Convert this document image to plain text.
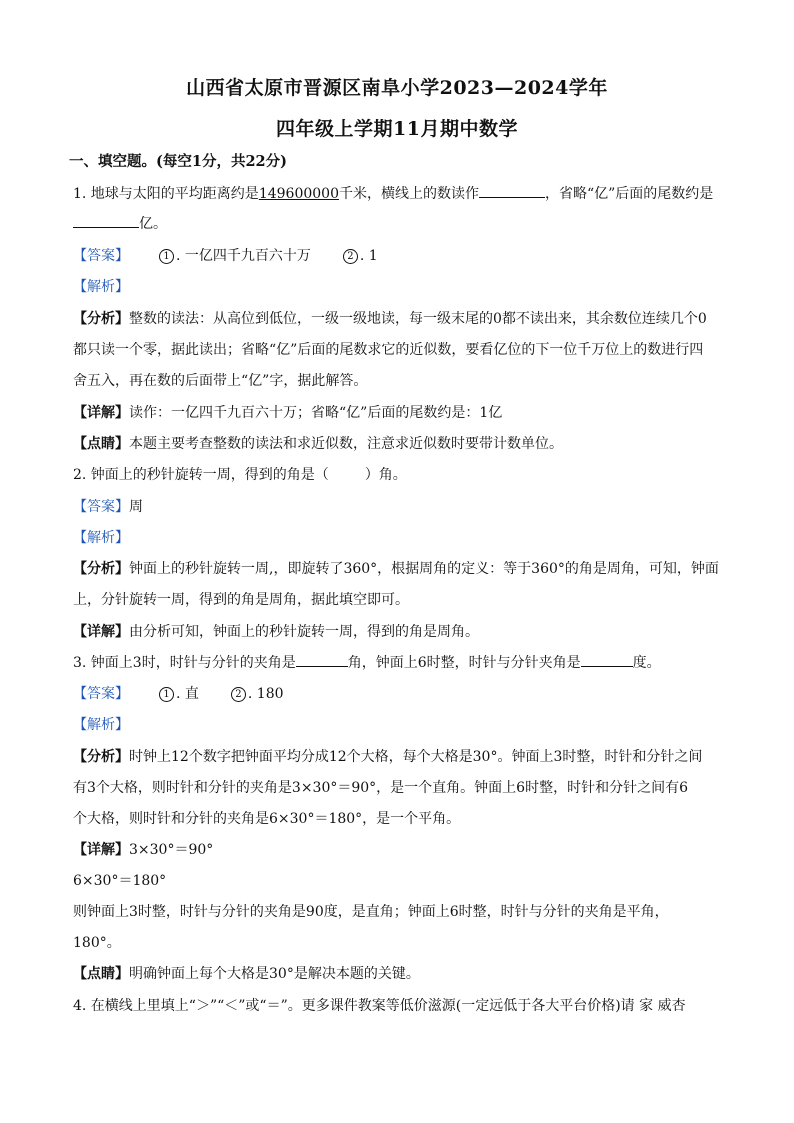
山西省太原市晋源区南阜小学2023—2024学年
四年级上学期11月期中数学
一、填空题。(每空1分，共22分)
1. 地球与太阳的平均距离约是149600000千米，横线上的数读作	，省略“亿”后面的尾数约是
亿。
【答案】	1 . 一亿四千九百六十万	2 . 1
【解析】
【分析】整数的读法：从高位到低位，一级一级地读，每一级末尾的0都不读出来，其余数位连续几个0
都只读一个零，据此读出；省略“亿”后面的尾数求它的近似数，要看亿位的下一位千万位上的数进行四
舍五入，再在数的后面带上“亿”字，据此解答。
【详解】读作：一亿四千九百六十万；省略“亿”后面的尾数约是：1亿
【点睛】本题主要考查整数的读法和求近似数，注意求近似数时要带计数单位。
2. 钟面上的秒针旋转一周，得到的角是（	）角。
【答案】周
【解析】
【分析】钟面上的秒针旋转一周,，即旋转了360°，根据周角的定义：等于360°的角是周角，可知，钟面
上，分针旋转一周，得到的角是周角，据此填空即可。
【详解】由分析可知，钟面上的秒针旋转一周，得到的角是周角。
3. 钟面上3时，时针与分针的夹角是	角，钟面上6时整，时针与分针夹角是	度。
【答案】	1 . 直	2 . 180
【解析】
【分析】时钟上12个数字把钟面平均分成12个大格，每个大格是30°。钟面上3时整，时针和分针之间
有3个大格，则时针和分针的夹角是3×30°＝90°，是一个直角。钟面上6时整，时针和分针之间有6
个大格，则时针和分针的夹角是6×30°＝180°，是一个平角。
【详解】3×30°＝90°
6×30°＝180°
则钟面上3时整，时针与分针的夹角是90度，是直角；钟面上6时整，时针与分针的夹角是平角，
180°。
【点睛】明确钟面上每个大格是30°是解决本题的关键。
4. 在横线上里填上“＞”“＜”或“＝”。更多课件教案等低价滋源(一定远低于各大平台价格)请 家 威杏
